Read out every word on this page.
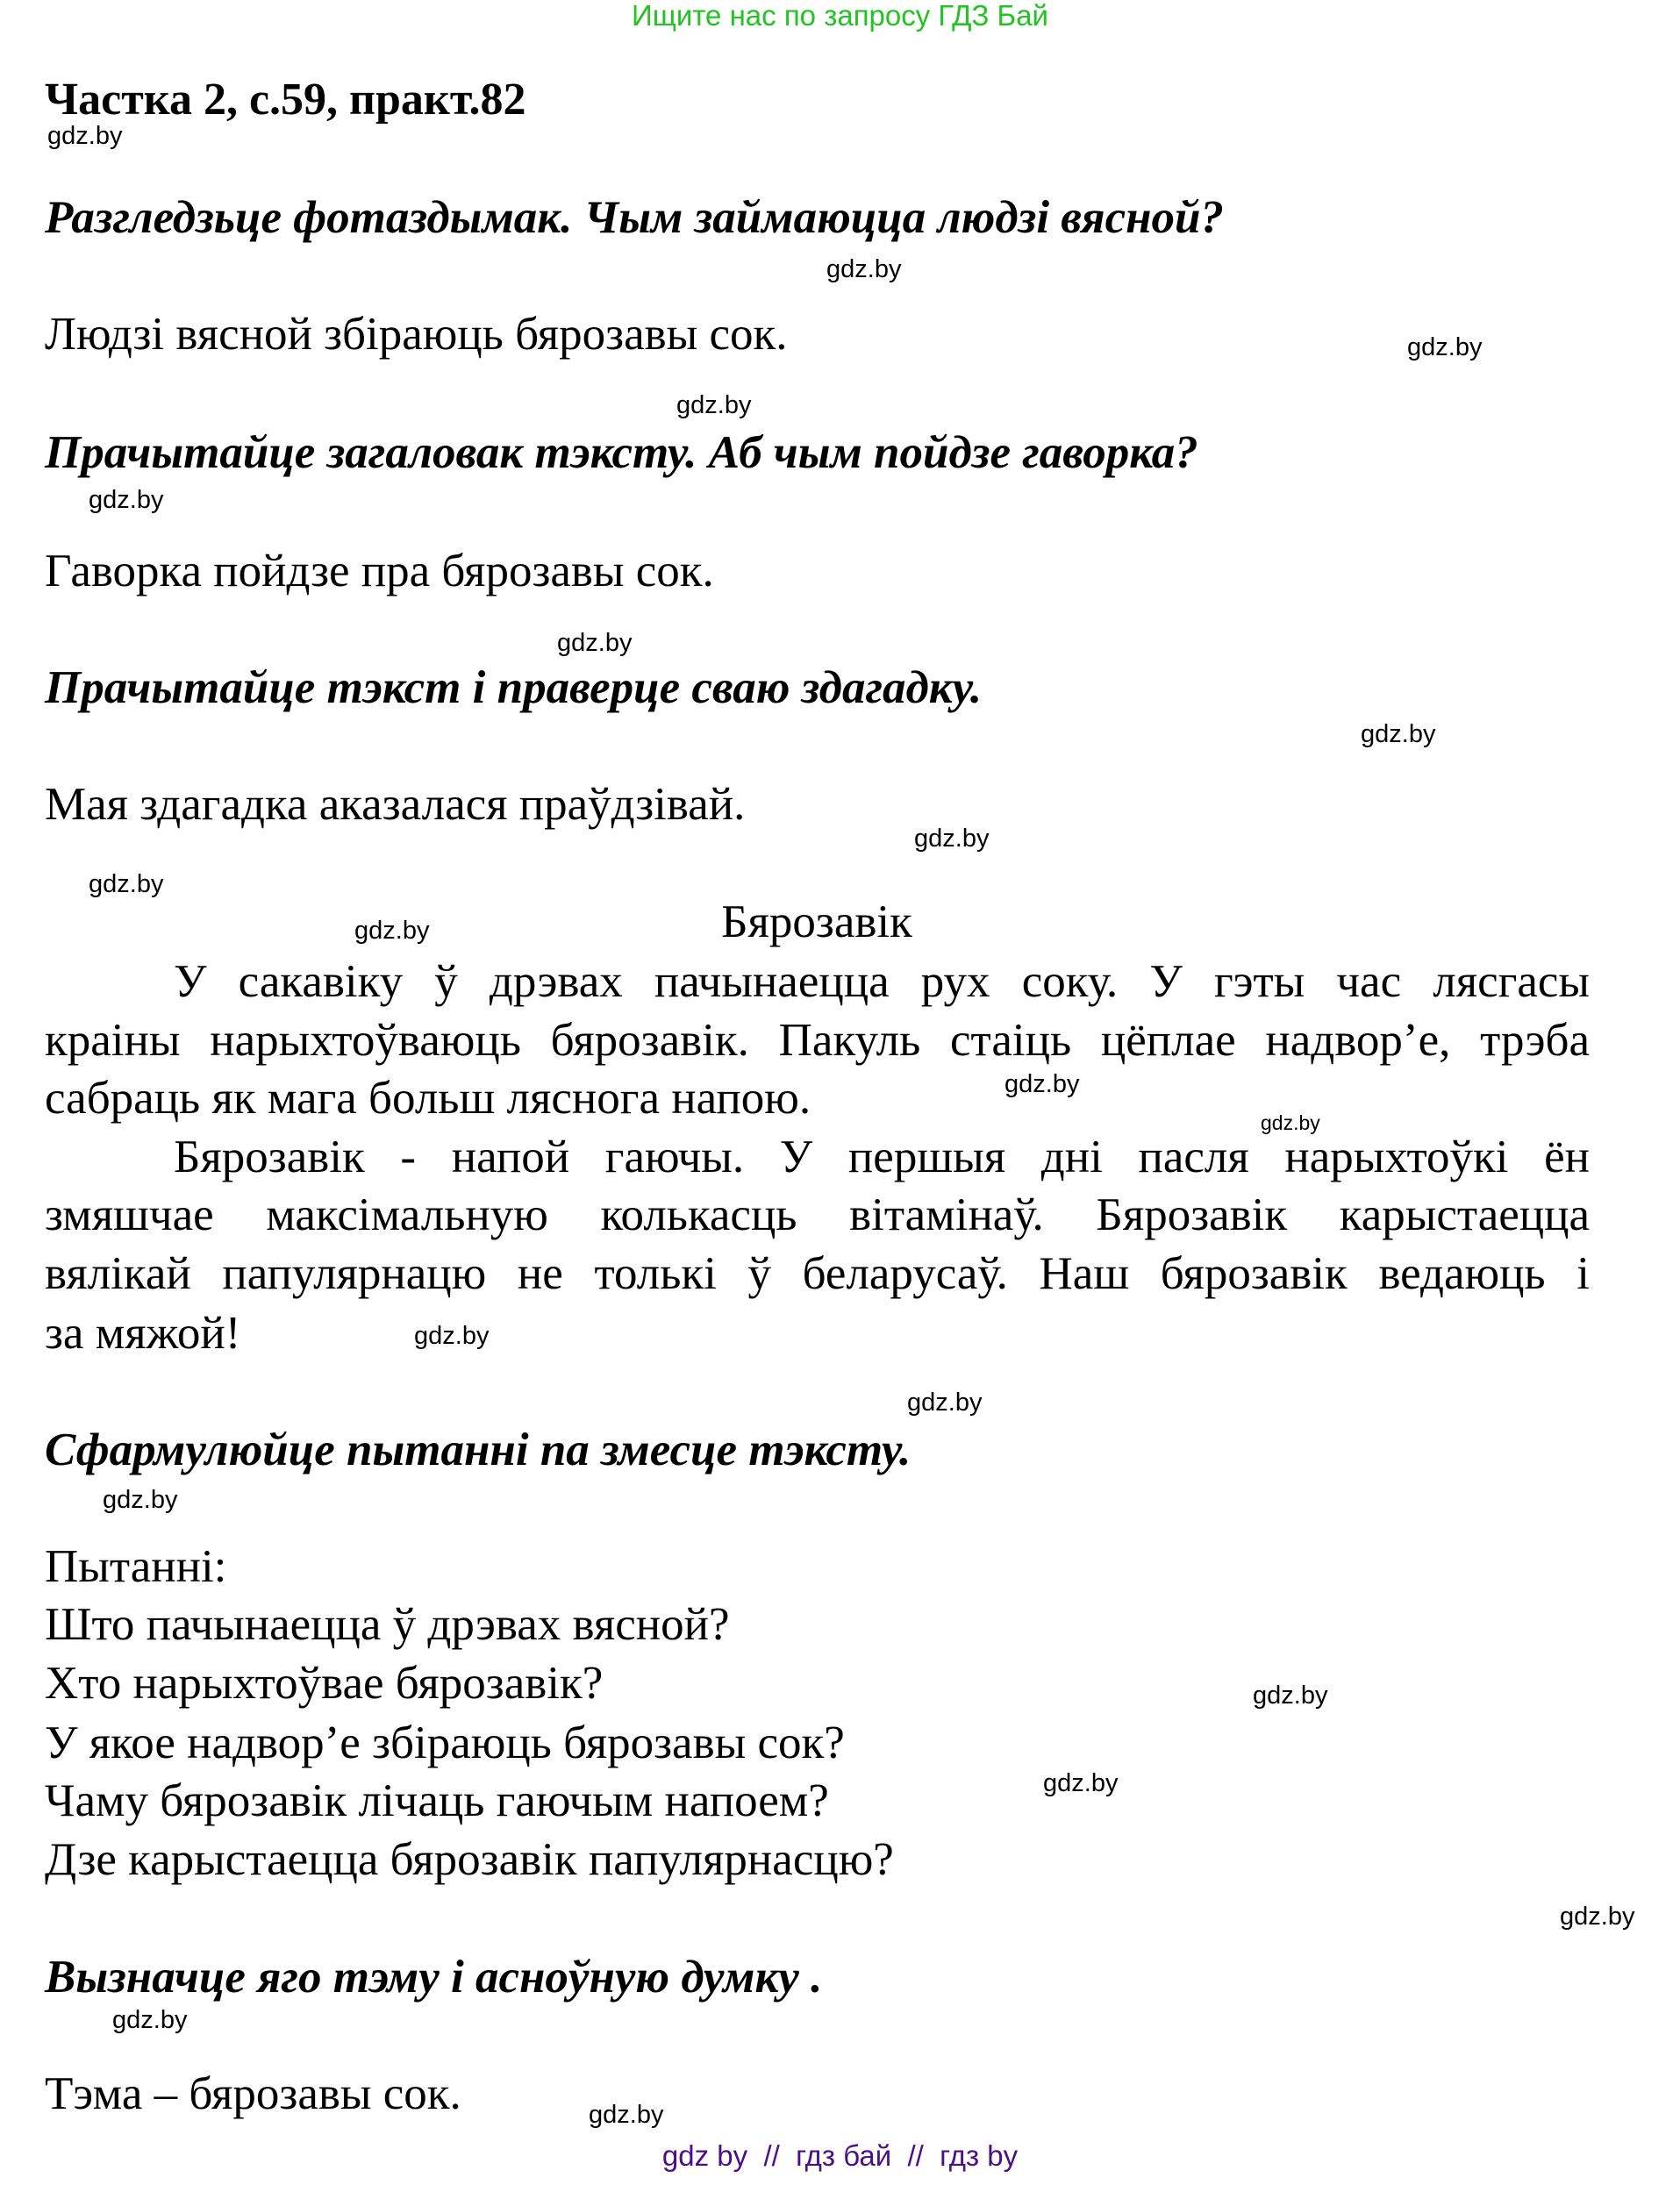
Ищите нас по запросу ГДЗ Бай
Частка 2, с.59, практ.82
Разгледзьце фотаздымак. Чым займаюцца людзі вясной?
Людзі вясной збіраюць бярозавы сок.
Прачытайце загаловак тэксту. Аб чым пойдзе гаворка?
Гаворка пойдзе пра бярозавы сок.
Прачытайце тэкст і праверце сваю здагадку.
Мая здагадка аказалася праўдзівай.
Бярозавік
У сакавіку ў дрэвах пачынаецца рух соку. У гэты час лясгасы
краіны нарыхтоўваюць бярозавік. Пакуль стаіць цёплае надвор’е, трэба
сабраць як мага больш ляснога напою.
Бярозавік - напой гаючы. У першыя дні пасля нарыхтоўкі ён
змяшчае максімальную колькасць вітамінаў. Бярозавік карыстаецца
вялікай папулярнацю не толькі ў беларусаў. Наш бярозавік ведаюць і
за мяжой!
Сфармулюйце пытанні па змесце тэксту.
Пытанні:
Што пачынаецца ў дрэвах вясной?
Хто нарыхтоўвае бярозавік?
У якое надвор’е збіраюць бярозавы сок?
Чаму бярозавік лічаць гаючым напоем?
Дзе карыстаецца бярозавік папулярнасцю?
Вызначце яго тэму і асноўную думку .
Тэма – бярозавы сок.
gdz.by
gdz.by
gdz.by
gdz.by
gdz.by
gdz.by
gdz.by
gdz.by
gdz.by
gdz.by
gdz.by
gdz.by
gdz.by
gdz.by
gdz.by
gdz.by
gdz.by
gdz.by
gdz.by
gdz.by
gdz by  //  гдз бай  //  гдз by
